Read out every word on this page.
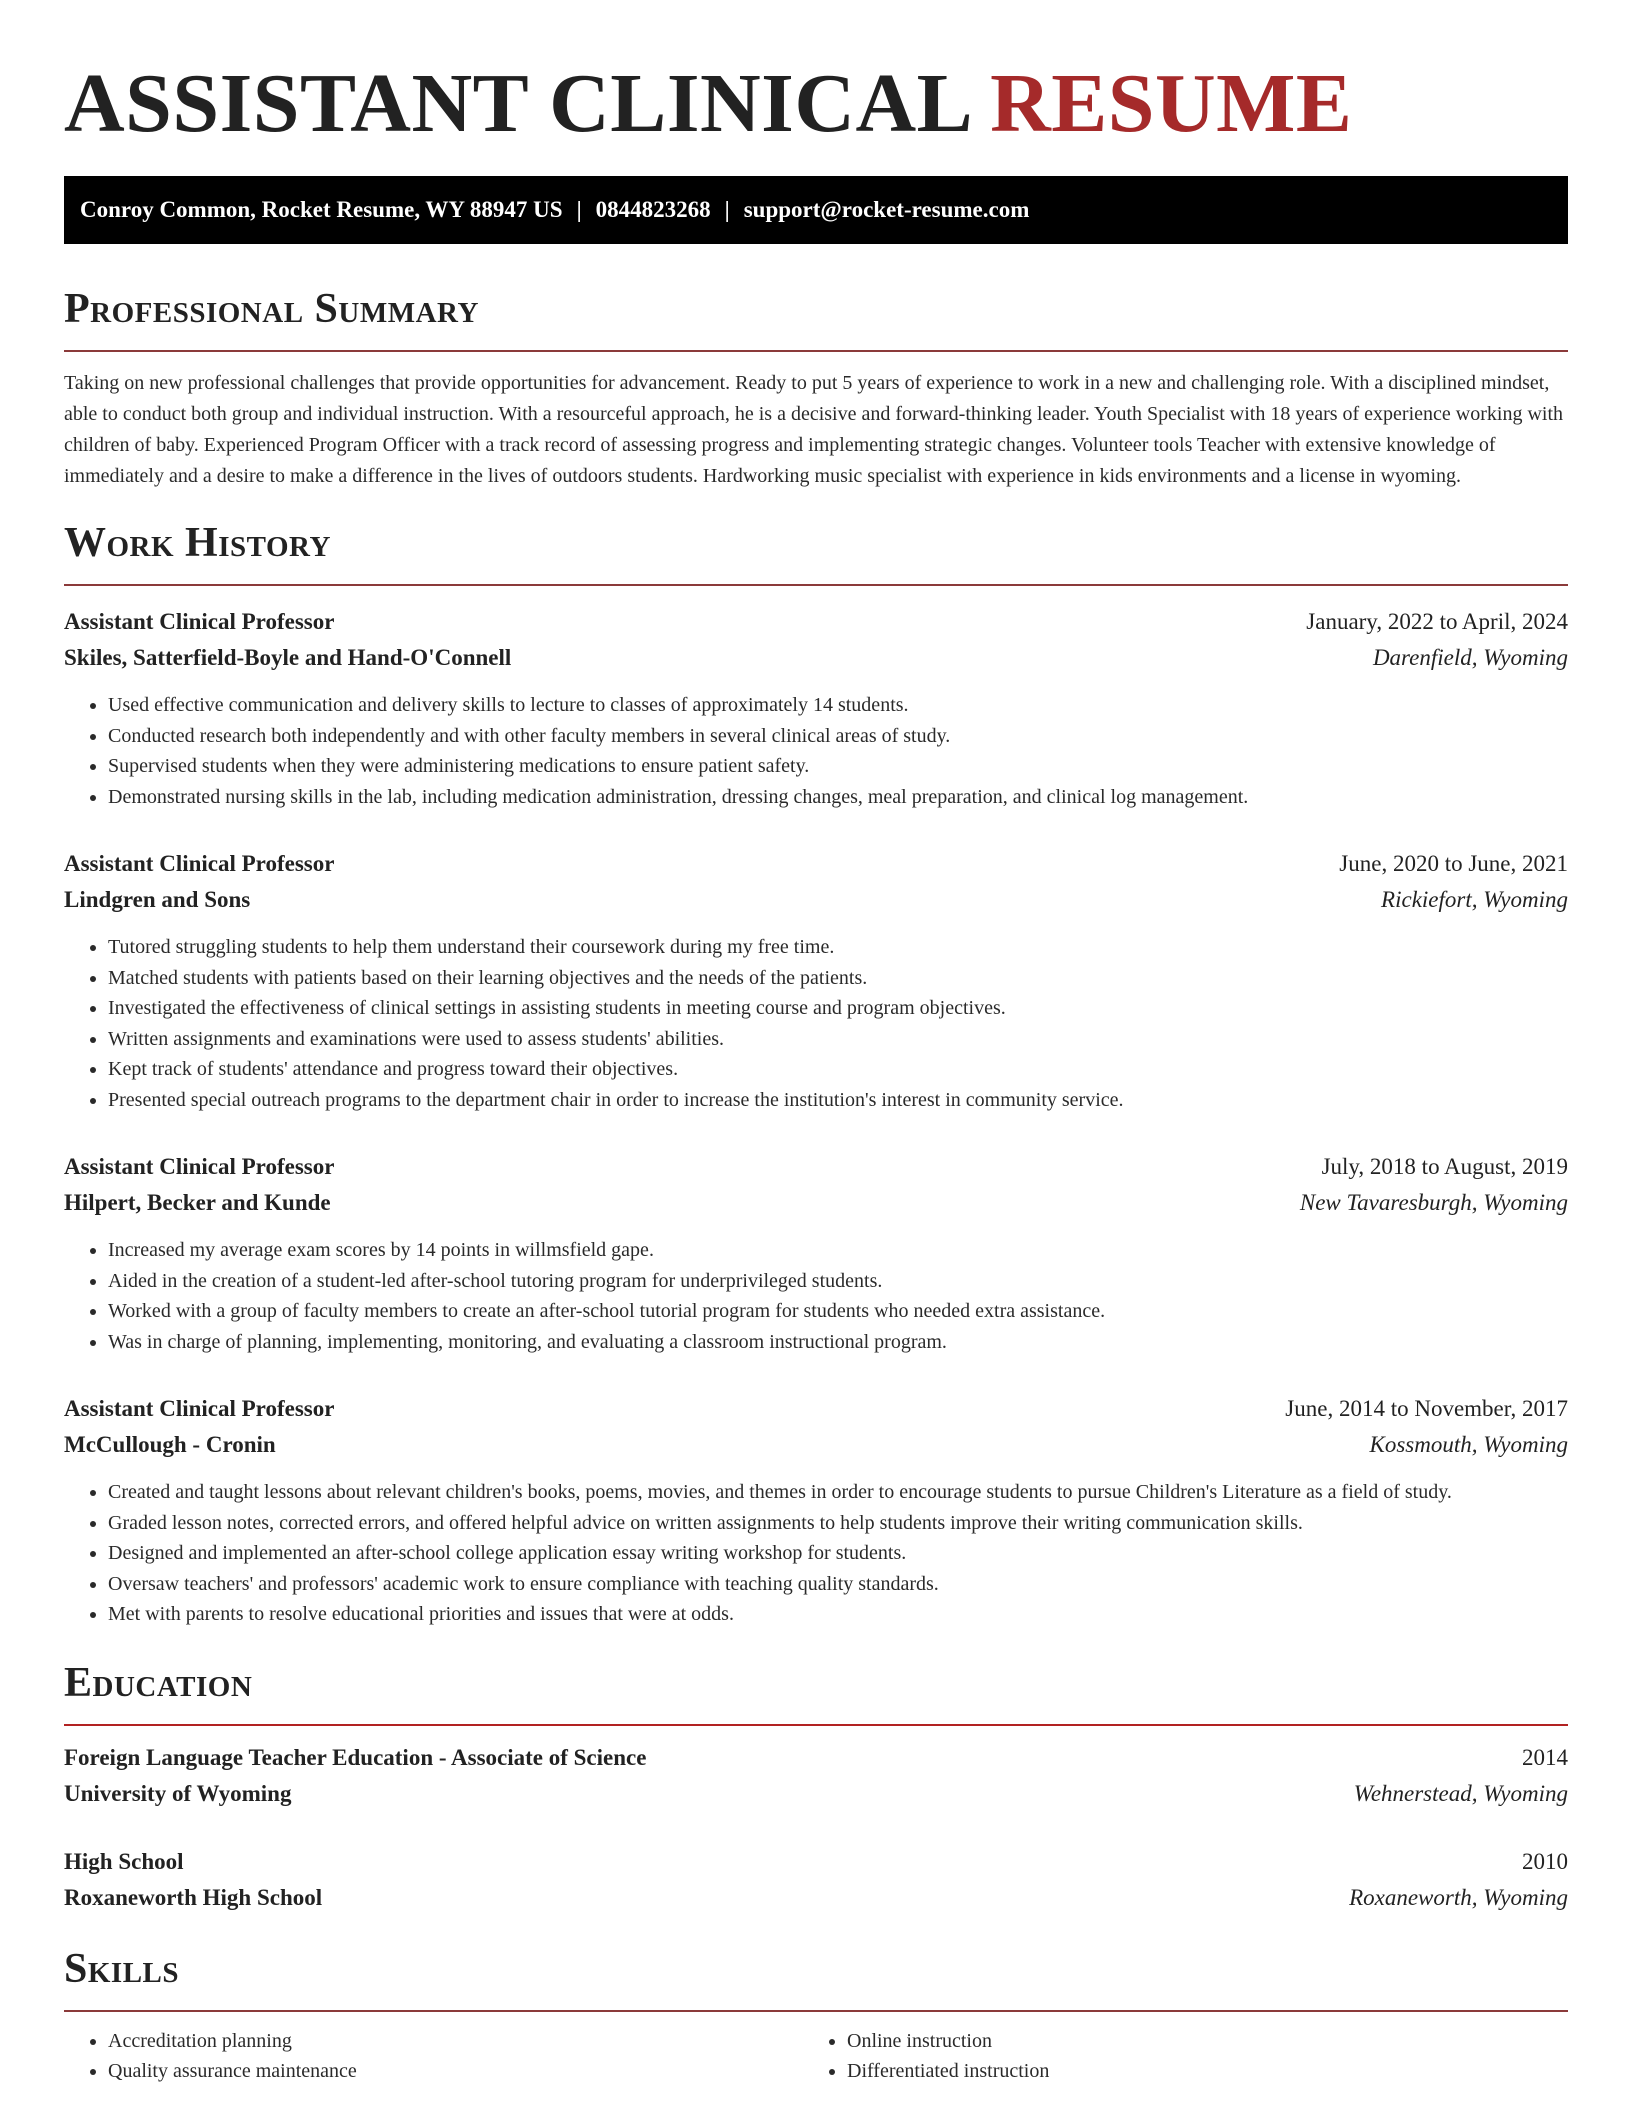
ASSISTANT CLINICAL RESUME
Conroy Common, Rocket Resume, WY 88947 US | 0844823268 | support@rocket-resume.com
Professional Summary

Taking on new professional challenges that provide opportunities for advancement. Ready to put 5 years of experience to work in a new and challenging role. With a disciplined mindset, able to conduct both group and individual instruction. With a resourceful approach, he is a decisive and forward-thinking leader. Youth Specialist with 18 years of experience working with children of baby. Experienced Program Officer with a track record of assessing progress and implementing strategic changes. Volunteer tools Teacher with extensive knowledge of immediately and a desire to make a difference in the lives of outdoors students. Hardworking music specialist with experience in kids environments and a license in wyoming.

Work History
Assistant Clinical Professor	January, 2022 to April, 2024
Skiles, Satterfield-Boyle and Hand-O'Connell	Darenfield, Wyoming
• Used effective communication and delivery skills to lecture to classes of approximately 14 students.
• Conducted research both independently and with other faculty members in several clinical areas of study.
• Supervised students when they were administering medications to ensure patient safety.
• Demonstrated nursing skills in the lab, including medication administration, dressing changes, meal preparation, and clinical log management.
Assistant Clinical Professor	June, 2020 to June, 2021
Lindgren and Sons	Rickiefort, Wyoming
• Tutored struggling students to help them understand their coursework during my free time.
• Matched students with patients based on their learning objectives and the needs of the patients.
• Investigated the effectiveness of clinical settings in assisting students in meeting course and program objectives.
• Written assignments and examinations were used to assess students' abilities.
• Kept track of students' attendance and progress toward their objectives.
• Presented special outreach programs to the department chair in order to increase the institution's interest in community service.
Assistant Clinical Professor	July, 2018 to August, 2019
Hilpert, Becker and Kunde	New Tavaresburgh, Wyoming
• Increased my average exam scores by 14 points in willmsfield gape.
• Aided in the creation of a student-led after-school tutoring program for underprivileged students.
• Worked with a group of faculty members to create an after-school tutorial program for students who needed extra assistance.
• Was in charge of planning, implementing, monitoring, and evaluating a classroom instructional program.
Assistant Clinical Professor	June, 2014 to November, 2017
McCullough - Cronin	Kossmouth, Wyoming
• Created and taught lessons about relevant children's books, poems, movies, and themes in order to encourage students to pursue Children's Literature as a field of study.
• Graded lesson notes, corrected errors, and offered helpful advice on written assignments to help students improve their writing communication skills.
• Designed and implemented an after-school college application essay writing workshop for students.
• Oversaw teachers' and professors' academic work to ensure compliance with teaching quality standards.
• Met with parents to resolve educational priorities and issues that were at odds.
Education
Foreign Language Teacher Education - Associate of Science	2014
University of Wyoming	Wehnerstead, Wyoming
High School	2010
Roxaneworth High School	Roxaneworth, Wyoming
Skills
• Accreditation planning
• Quality assurance maintenance
• Online instruction
• Differentiated instruction
